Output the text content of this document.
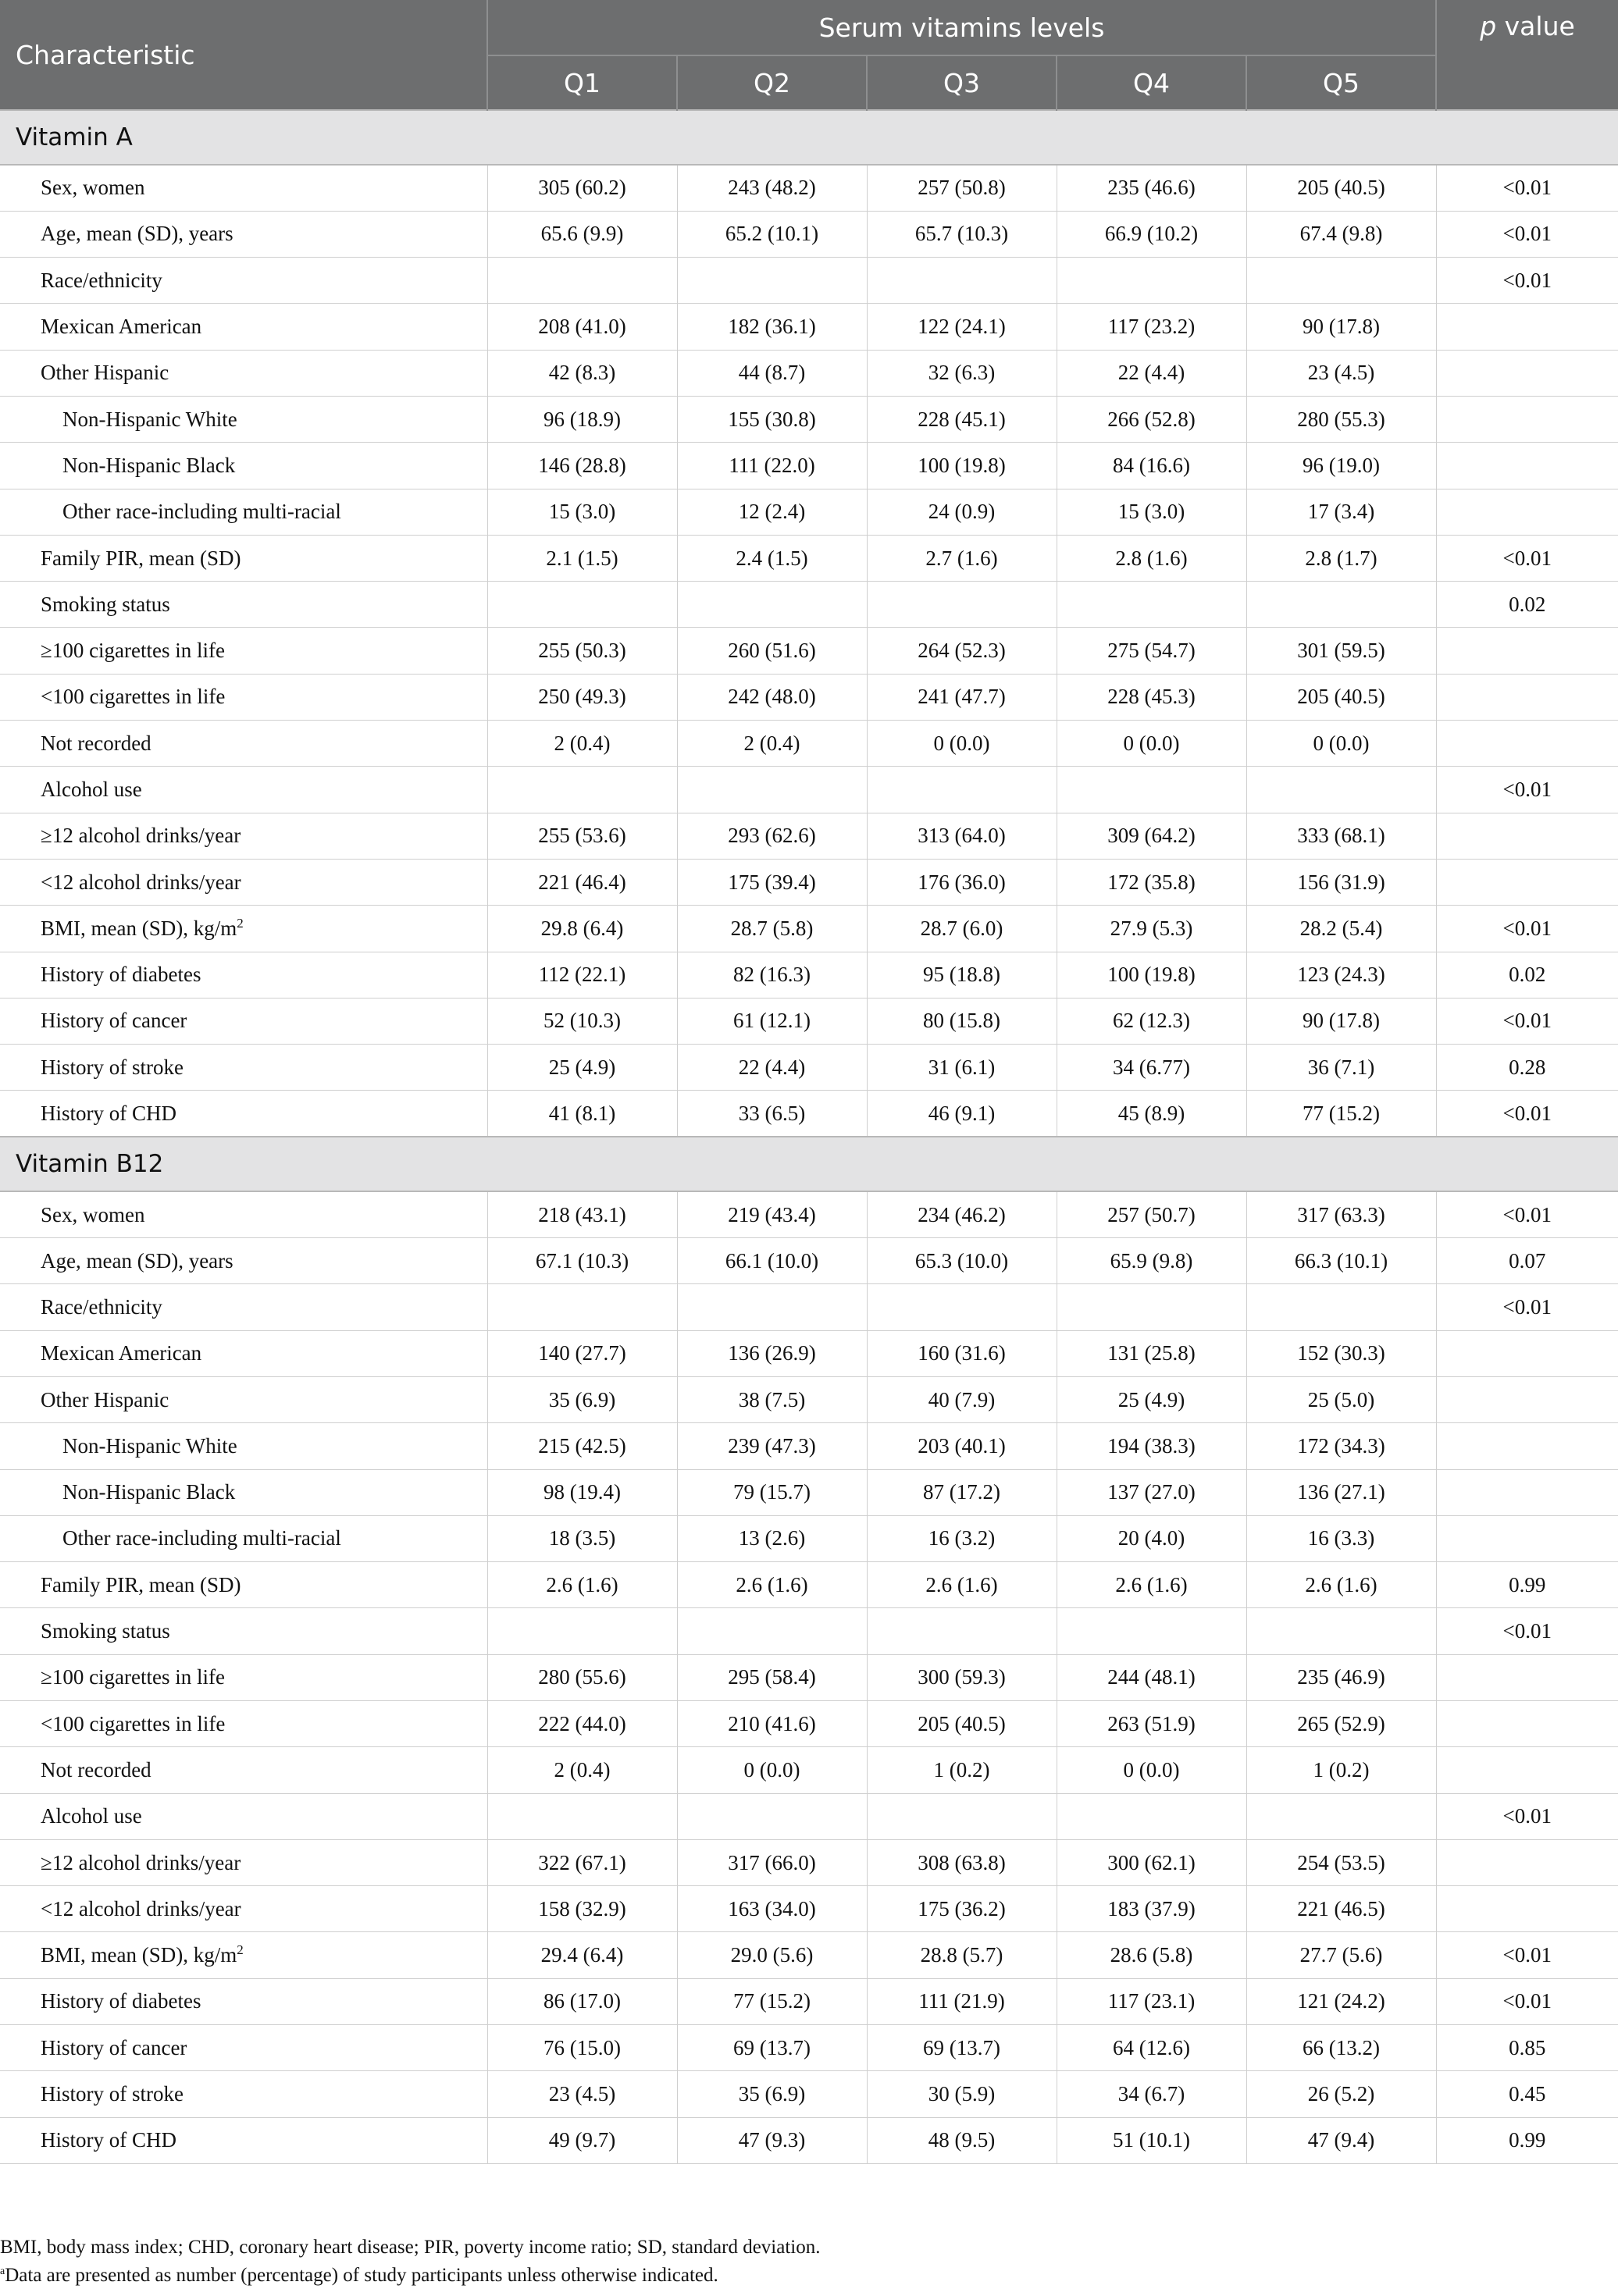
Characteristic	Serum vitamins levels					p value
	Q1	Q2	Q3	Q4	Q5	
Vitamin A						
Sex, women	305 (60.2)	243 (48.2)	257 (50.8)	235 (46.6)	205 (40.5)	<0.01
Age, mean (SD), years	65.6 (9.9)	65.2 (10.1)	65.7 (10.3)	66.9 (10.2)	67.4 (9.8)	<0.01
Race/ethnicity						<0.01
Mexican American	208 (41.0)	182 (36.1)	122 (24.1)	117 (23.2)	90 (17.8)	
Other Hispanic	42 (8.3)	44 (8.7)	32 (6.3)	22 (4.4)	23 (4.5)	
Non-Hispanic White	96 (18.9)	155 (30.8)	228 (45.1)	266 (52.8)	280 (55.3)	
Non-Hispanic Black	146 (28.8)	111 (22.0)	100 (19.8)	84 (16.6)	96 (19.0)	
Other race-including multi-racial	15 (3.0)	12 (2.4)	24 (0.9)	15 (3.0)	17 (3.4)	
Family PIR, mean (SD)	2.1 (1.5)	2.4 (1.5)	2.7 (1.6)	2.8 (1.6)	2.8 (1.7)	<0.01
Smoking status						0.02
≥100 cigarettes in life	255 (50.3)	260 (51.6)	264 (52.3)	275 (54.7)	301 (59.5)	
<100 cigarettes in life	250 (49.3)	242 (48.0)	241 (47.7)	228 (45.3)	205 (40.5)	
Not recorded	2 (0.4)	2 (0.4)	0 (0.0)	0 (0.0)	0 (0.0)	
Alcohol use						<0.01
≥12 alcohol drinks/year	255 (53.6)	293 (62.6)	313 (64.0)	309 (64.2)	333 (68.1)	
<12 alcohol drinks/year	221 (46.4)	175 (39.4)	176 (36.0)	172 (35.8)	156 (31.9)	
BMI, mean (SD), $kg/m^2$	29.8 (6.4)	28.7 (5.8)	28.7 (6.0)	27.9 (5.3)	28.2 (5.4)	<0.01
History of diabetes	112 (22.1)	82 (16.3)	95 (18.8)	100 (19.8)	123 (24.3)	0.02
History of cancer	52 (10.3)	61 (12.1)	80 (15.8)	62 (12.3)	90 (17.8)	<0.01
History of stroke	25 (4.9)	22 (4.4)	31 (6.1)	34 (6.77)	36 (7.1)	0.28
History of CHD	41 (8.1)	33 (6.5)	46 (9.1)	45 (8.9)	77 (15.2)	<0.01
Vitamin B12						
Sex, women	218 (43.1)	219 (43.4)	234 (46.2)	257 (50.7)	317 (63.3)	<0.01
Age, mean (SD), years	67.1 (10.3)	66.1 (10.0)	65.3 (10.0)	65.9 (9.8)	66.3 (10.1)	0.07
Race/ethnicity						<0.01
Mexican American	140 (27.7)	136 (26.9)	160 (31.6)	131 (25.8)	152 (30.3)	
Other Hispanic	35 (6.9)	38 (7.5)	40 (7.9)	25 (4.9)	25 (5.0)	
Non-Hispanic White	215 (42.5)	239 (47.3)	203 (40.1)	194 (38.3)	172 (34.3)	
Non-Hispanic Black	98 (19.4)	79 (15.7)	87 (17.2)	137 (27.0)	136 (27.1)	
Other race-including multi-racial	18 (3.5)	13 (2.6)	16 (3.2)	20 (4.0)	16 (3.3)	
Family PIR, mean (SD)	2.6 (1.6)	2.6 (1.6)	2.6 (1.6)	2.6 (1.6)	2.6 (1.6)	0.99
Smoking status						<0.01
≥100 cigarettes in life	280 (55.6)	295 (58.4)	300 (59.3)	244 (48.1)	235 (46.9)	
<100 cigarettes in life	222 (44.0)	210 (41.6)	205 (40.5)	263 (51.9)	265 (52.9)	
Not recorded	2 (0.4)	0 (0.0)	1 (0.2)	0 (0.0)	1 (0.2)	
Alcohol use						<0.01
≥12 alcohol drinks/year	322 (67.1)	317 (66.0)	308 (63.8)	300 (62.1)	254 (53.5)	
<12 alcohol drinks/year	158 (32.9)	163 (34.0)	175 (36.2)	183 (37.9)	221 (46.5)	
BMI, mean (SD), $kg/m^2$	29.4 (6.4)	29.0 (5.6)	28.8 (5.7)	28.6 (5.8)	27.7 (5.6)	<0.01
History of diabetes	86 (17.0)	77 (15.2)	111 (21.9)	117 (23.1)	121 (24.2)	<0.01
History of cancer	76 (15.0)	69 (13.7)	69 (13.7)	64 (12.6)	66 (13.2)	0.85
History of stroke	23 (4.5)	35 (6.9)	30 (5.9)	34 (6.7)	26 (5.2)	0.45
History of CHD	49 (9.7)	47 (9.3)	48 (9.5)	51 (10.1)	47 (9.4)	0.99
BMI, body mass index; CHD, coronary heart disease; PIR, poverty income ratio; SD, standard deviation.
$^a$Data are presented as number (percentage) of study participants unless otherwise indicated.
